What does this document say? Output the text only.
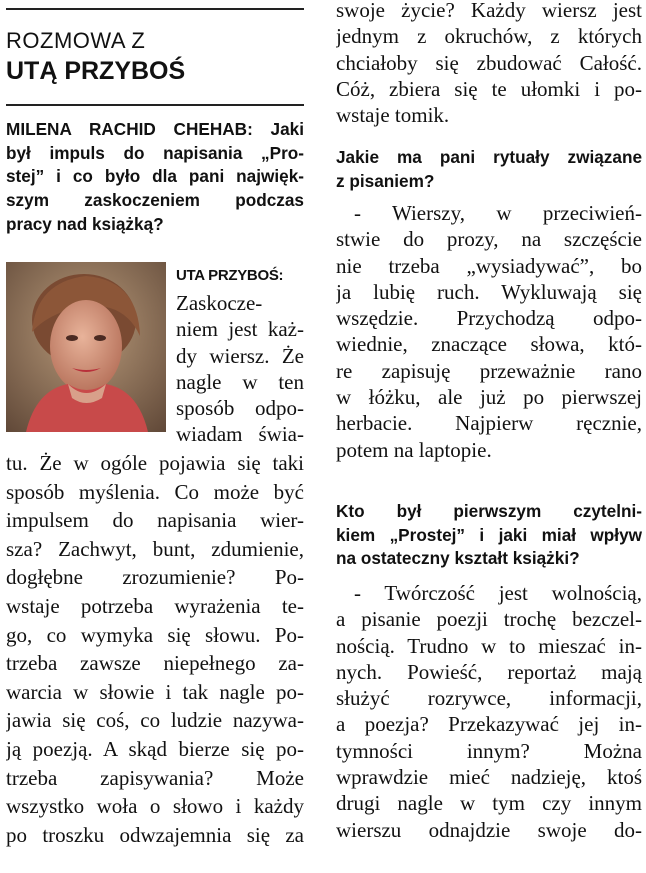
ROZMOWA Z
UTĄ PRZYBOŚ
MILENA RACHID CHEHAB: Jaki
był impuls do napisania „Pro-
stej” i co było dla pani najwięk-
szym zaskoczeniem podczas
pracy nad książką?
UTA PRZYBOŚ:
Zaskocze-
niem jest każ-
dy wiersz. Że
nagle w ten
sposób odpo-
wiadam świa-
tu. Że w ogóle pojawia się taki
sposób myślenia. Co może być
impulsem do napisania wier-
sza? Zachwyt, bunt, zdumienie,
dogłębne zrozumienie? Po-
wstaje potrzeba wyrażenia te-
go, co wymyka się słowu. Po-
trzeba zawsze niepełnego za-
warcia w słowie i tak nagle po-
jawia się coś, co ludzie nazywa-
ją poezją. A skąd bierze się po-
trzeba zapisywania? Może
wszystko woła o słowo i każdy
po troszku odwzajemnia się za
swoje życie? Każdy wiersz jest
jednym z okruchów, z których
chciałoby się zbudować Całość.
Cóż, zbiera się te ułomki i po-
wstaje tomik.
Jakie ma pani rytuały związane
z pisaniem?
- Wierszy, w przeciwień-
stwie do prozy, na szczęście
nie trzeba „wysiadywać”, bo
ja lubię ruch. Wykluwają się
wszędzie. Przychodzą odpo-
wiednie, znaczące słowa, któ-
re zapisuję przeważnie rano
w łóżku, ale już po pierwszej
herbacie. Najpierw ręcznie,
potem na laptopie.
Kto był pierwszym czytelni-
kiem „Prostej” i jaki miał wpływ
na ostateczny kształt książki?
- Twórczość jest wolnością,
a pisanie poezji trochę bezczel-
nością. Trudno w to mieszać in-
nych. Powieść, reportaż mają
służyć rozrywce, informacji,
a poezja? Przekazywać jej in-
tymności innym? Można
wprawdzie mieć nadzieję, ktoś
drugi nagle w tym czy innym
wierszu odnajdzie swoje do-
